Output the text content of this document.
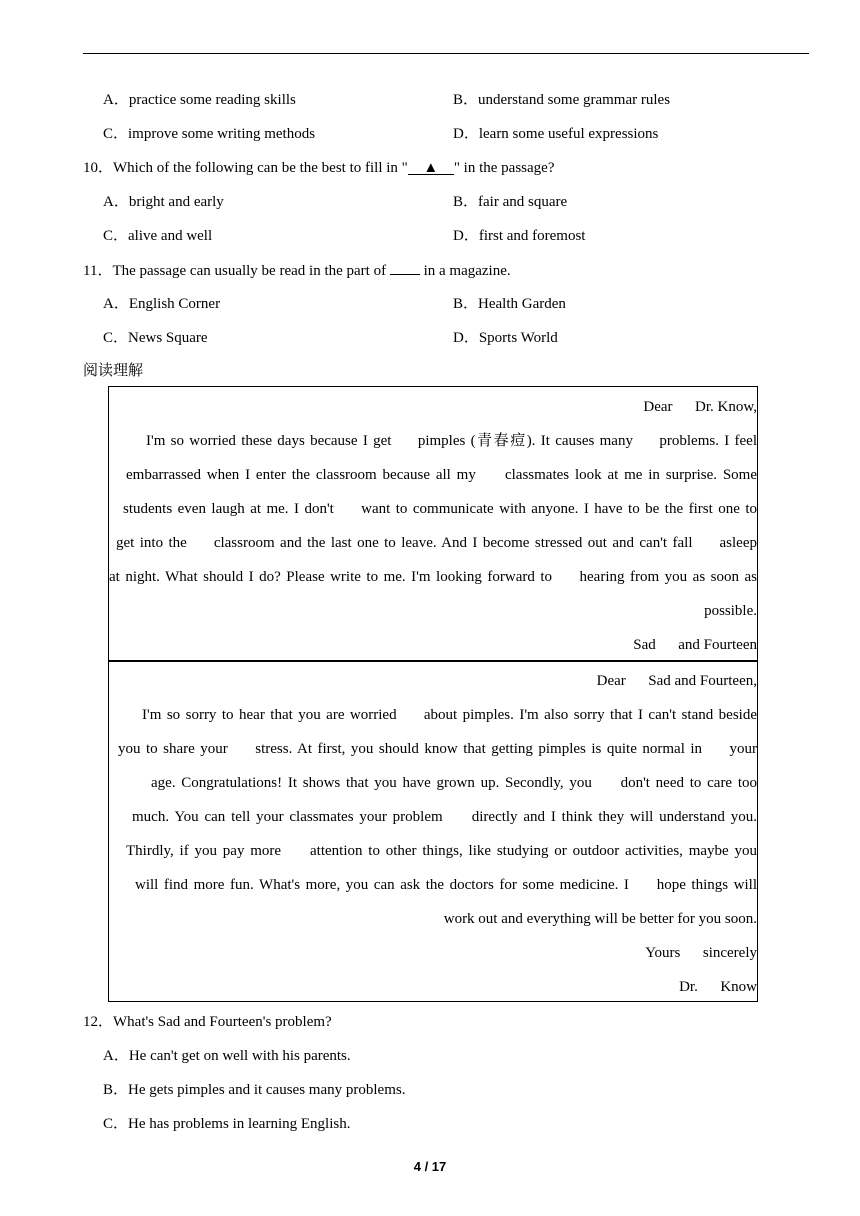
A．practice some reading skills	B．understand some grammar rules
C．improve some writing methods	D．learn some useful expressions
10．Which of the following can be the best to fill in " ▲ " in the passage?
A．bright and early	B．fair and square
C．alive and well	D．first and foremost
11．The passage can usually be read in the part of  in a magazine.
A．English Corner	B．Health Garden
C．News Square	D．Sports World
阅读理解
Dear      Dr. Know,
I'm so worried these days because I get     pimples (青春痘). It causes many     problems. I feel
embarrassed when I enter the classroom because all my     classmates look at me in surprise. Some
students even laugh at me. I don't     want to communicate with anyone. I have to be the first one to
get into the     classroom and the last one to leave. And I become stressed out and can't fall     asleep
at night. What should I do? Please write to me. I'm looking forward to     hearing from you as soon as
possible.
Sad      and Fourteen
Dear      Sad and Fourteen,
I'm so sorry to hear that you are worried     about pimples. I'm also sorry that I can't stand beside
you to share your     stress. At first, you should know that getting pimples is quite normal in     your
age. Congratulations! It shows that you have grown up. Secondly, you     don't need to care too
much. You can tell your classmates your problem     directly and I think they will understand you.
Thirdly, if you pay more     attention to other things, like studying or outdoor activities, maybe you
will find more fun. What's more, you can ask the doctors for some medicine. I     hope things will
work out and everything will be better for you soon.
Yours      sincerely
Dr.      Know
12．What's Sad and Fourteen's problem?
A．He can't get on well with his parents.
B．He gets pimples and it causes many problems.
C．He has problems in learning English.
4 / 17
